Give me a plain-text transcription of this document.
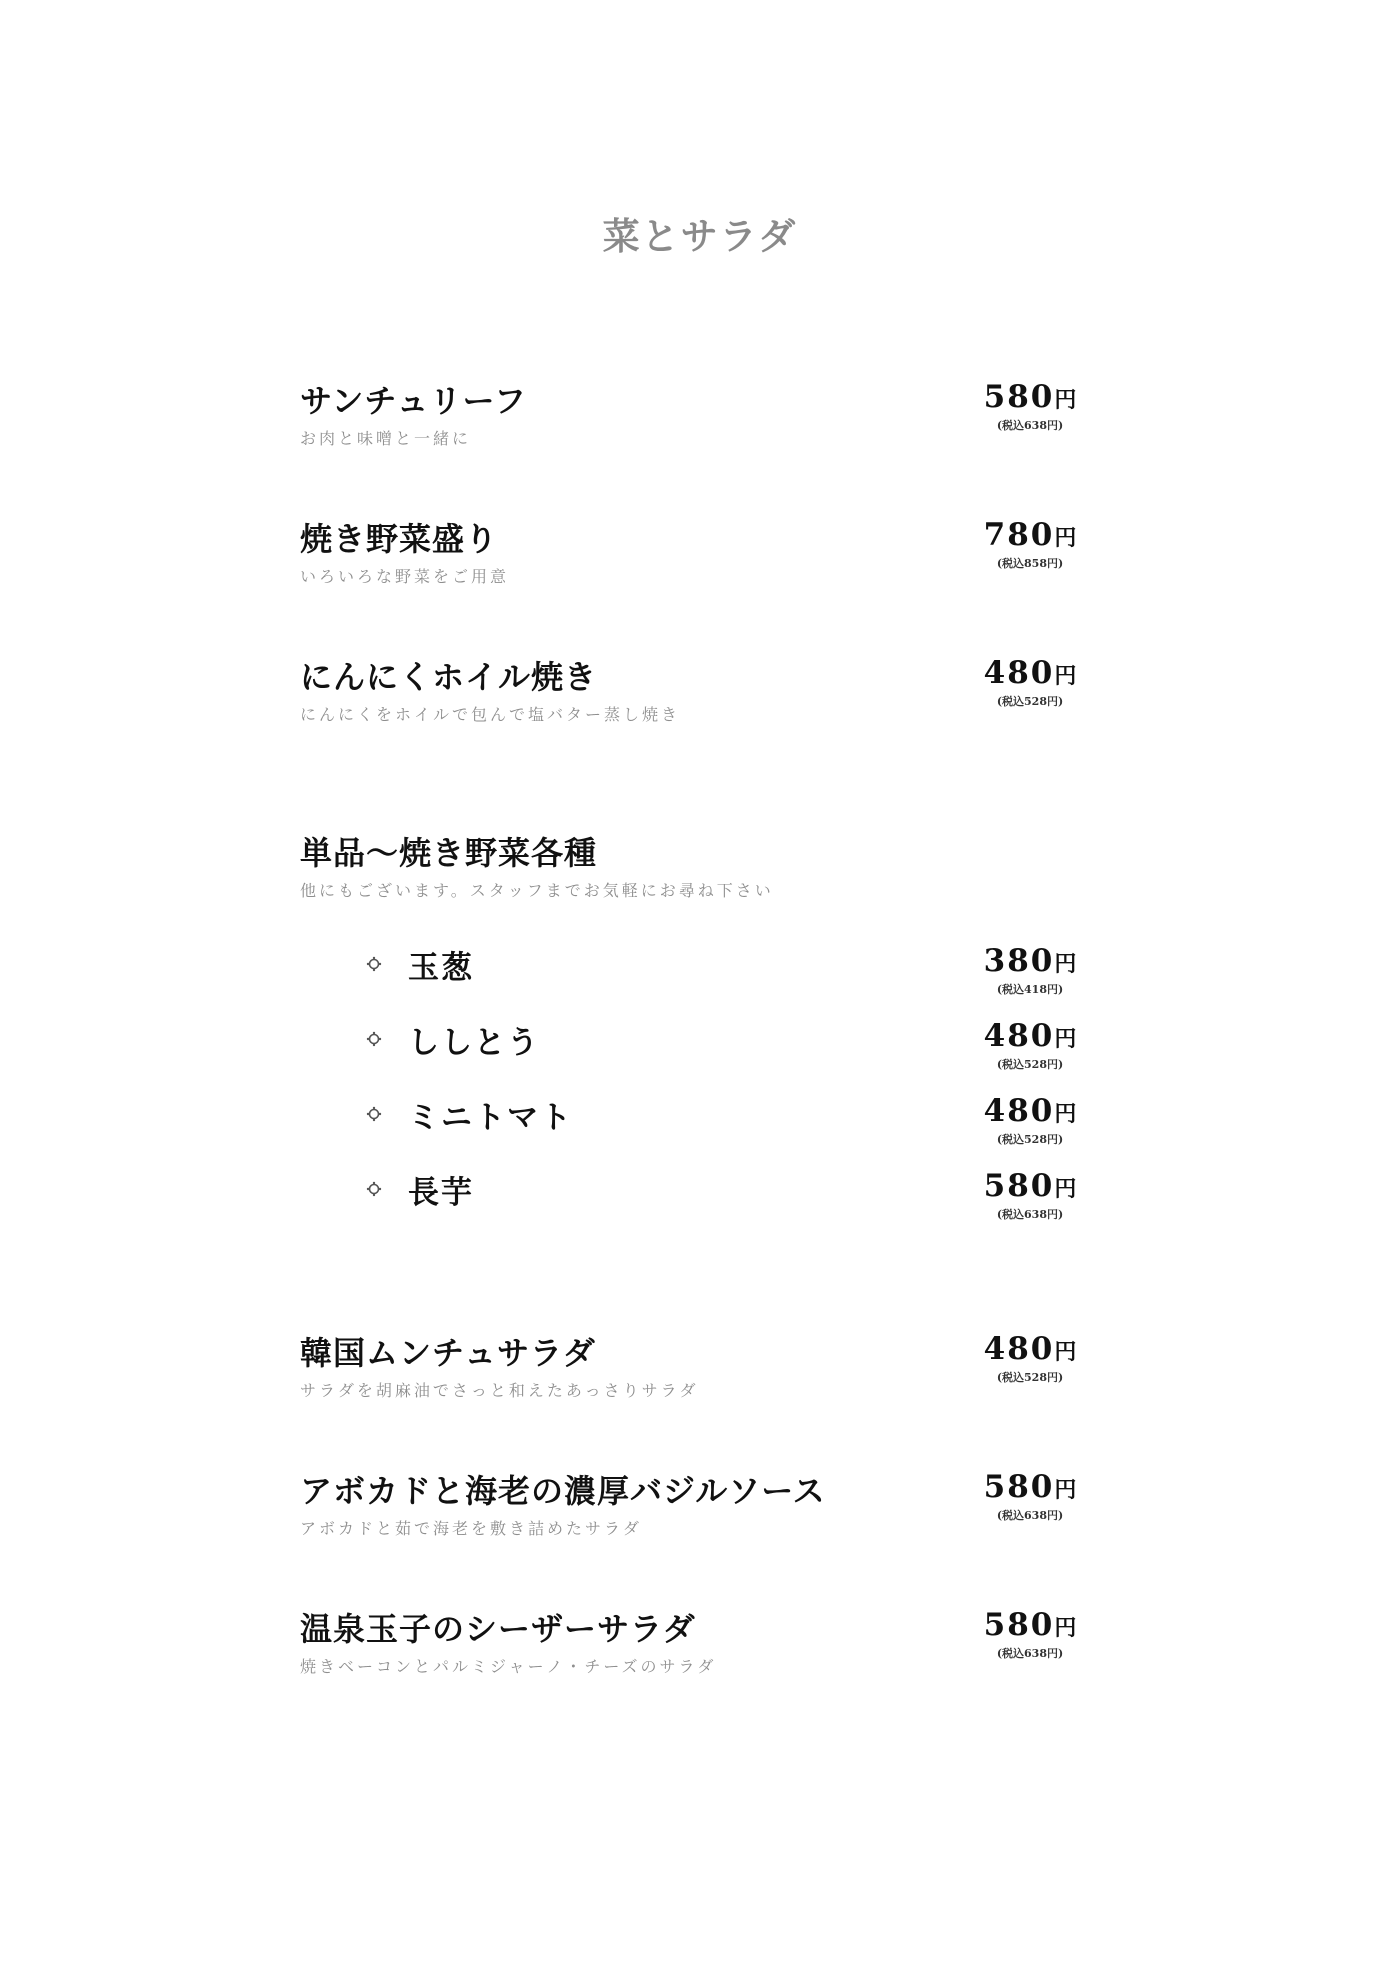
菜とサラダ
サンチュリーフ
お肉と味噌と一緒に
580円
(税込638円)
焼き野菜盛り
いろいろな野菜をご用意
780円
(税込858円)
にんにくホイル焼き
にんにくをホイルで包んで塩バター蒸し焼き
480円
(税込528円)
単品～焼き野菜各種
他にもございます。スタッフまでお気軽にお尋ね下さい
玉葱	380円
(税込418円)
ししとう	480円
(税込528円)
ミニトマト	480円
(税込528円)
長芋	580円
(税込638円)
韓国ムンチュサラダ
サラダを胡麻油でさっと和えたあっさりサラダ
480円
(税込528円)
アボカドと海老の濃厚バジルソース
アボカドと茹で海老を敷き詰めたサラダ
580円
(税込638円)
温泉玉子のシーザーサラダ
焼きベーコンとパルミジャーノ・チーズのサラダ
580円
(税込638円)
